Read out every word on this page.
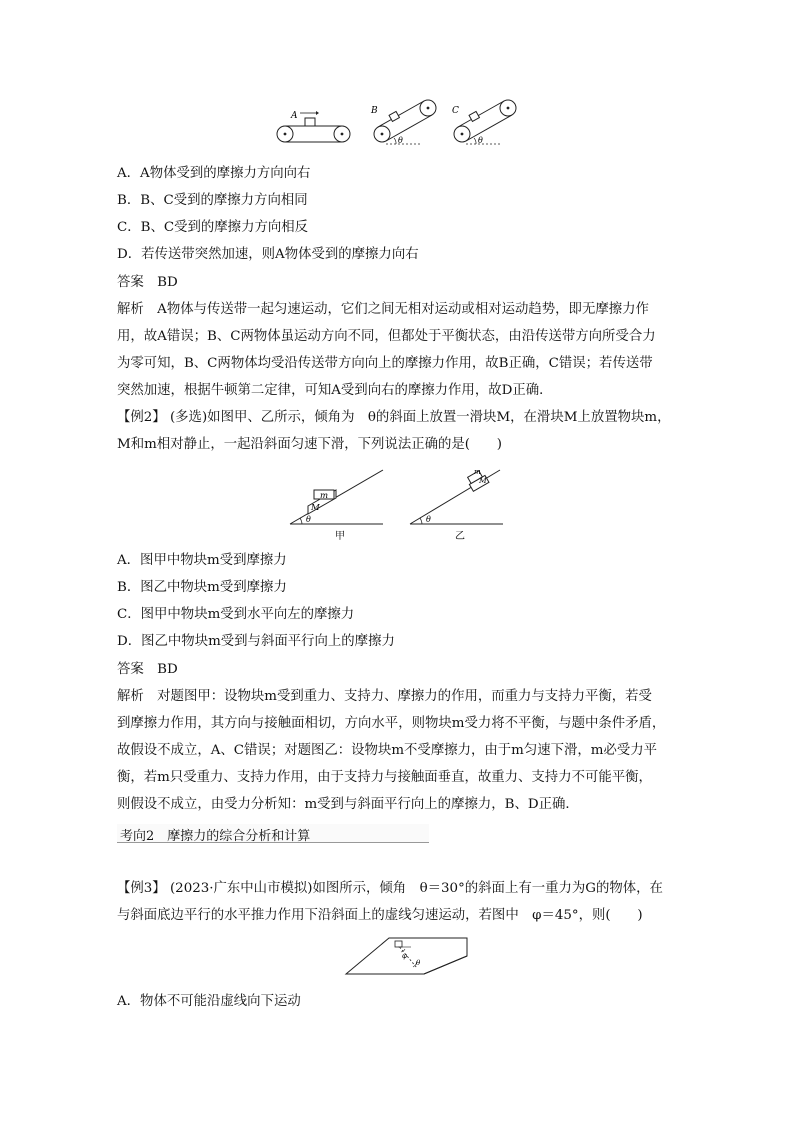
A
θ
B
θ
C
A．A物体受到的摩擦力方向向右
B．B、C受到的摩擦力方向相同
C．B、C受到的摩擦力方向相反
D．若传送带突然加速，则A物体受到的摩擦力向右
答案　BD
解析　A物体与传送带一起匀速运动，它们之间无相对运动或相对运动趋势，即无摩擦力作
用，故A错误；B、C两物体虽运动方向不同，但都处于平衡状态，由沿传送带方向所受合力
为零可知，B、C两物体均受沿传送带方向向上的摩擦力作用，故B正确，C错误；若传送带
突然加速，根据牛顿第二定律，可知A受到向右的摩擦力作用，故D正确．
【例2】 (多选)如图甲、乙所示，倾角为　θ的斜面上放置一滑块M，在滑块M上放置物块m，
M和m相对静止，一起沿斜面匀速下滑，下列说法正确的是(　　)
m
M
θ
甲
m
M
θ
乙
A．图甲中物块m受到摩擦力
B．图乙中物块m受到摩擦力
C．图甲中物块m受到水平向左的摩擦力
D．图乙中物块m受到与斜面平行向上的摩擦力
答案　BD
解析　对题图甲：设物块m受到重力、支持力、摩擦力的作用，而重力与支持力平衡，若受
到摩擦力作用，其方向与接触面相切，方向水平，则物块m受力将不平衡，与题中条件矛盾，
故假设不成立，A、C错误；对题图乙：设物块m不受摩擦力，由于m匀速下滑，m必受力平
衡，若m只受重力、支持力作用，由于支持力与接触面垂直，故重力、支持力不可能平衡，
则假设不成立，由受力分析知：m受到与斜面平行向上的摩擦力，B、D正确．
考向2　摩擦力的综合分析和计算
【例3】 (2023·广东中山市模拟)如图所示，倾角　θ＝30°的斜面上有一重力为G的物体，在
与斜面底边平行的水平推力作用下沿斜面上的虚线匀速运动，若图中　φ＝45°，则(　　)
φ
θ
A．物体不可能沿虚线向下运动
